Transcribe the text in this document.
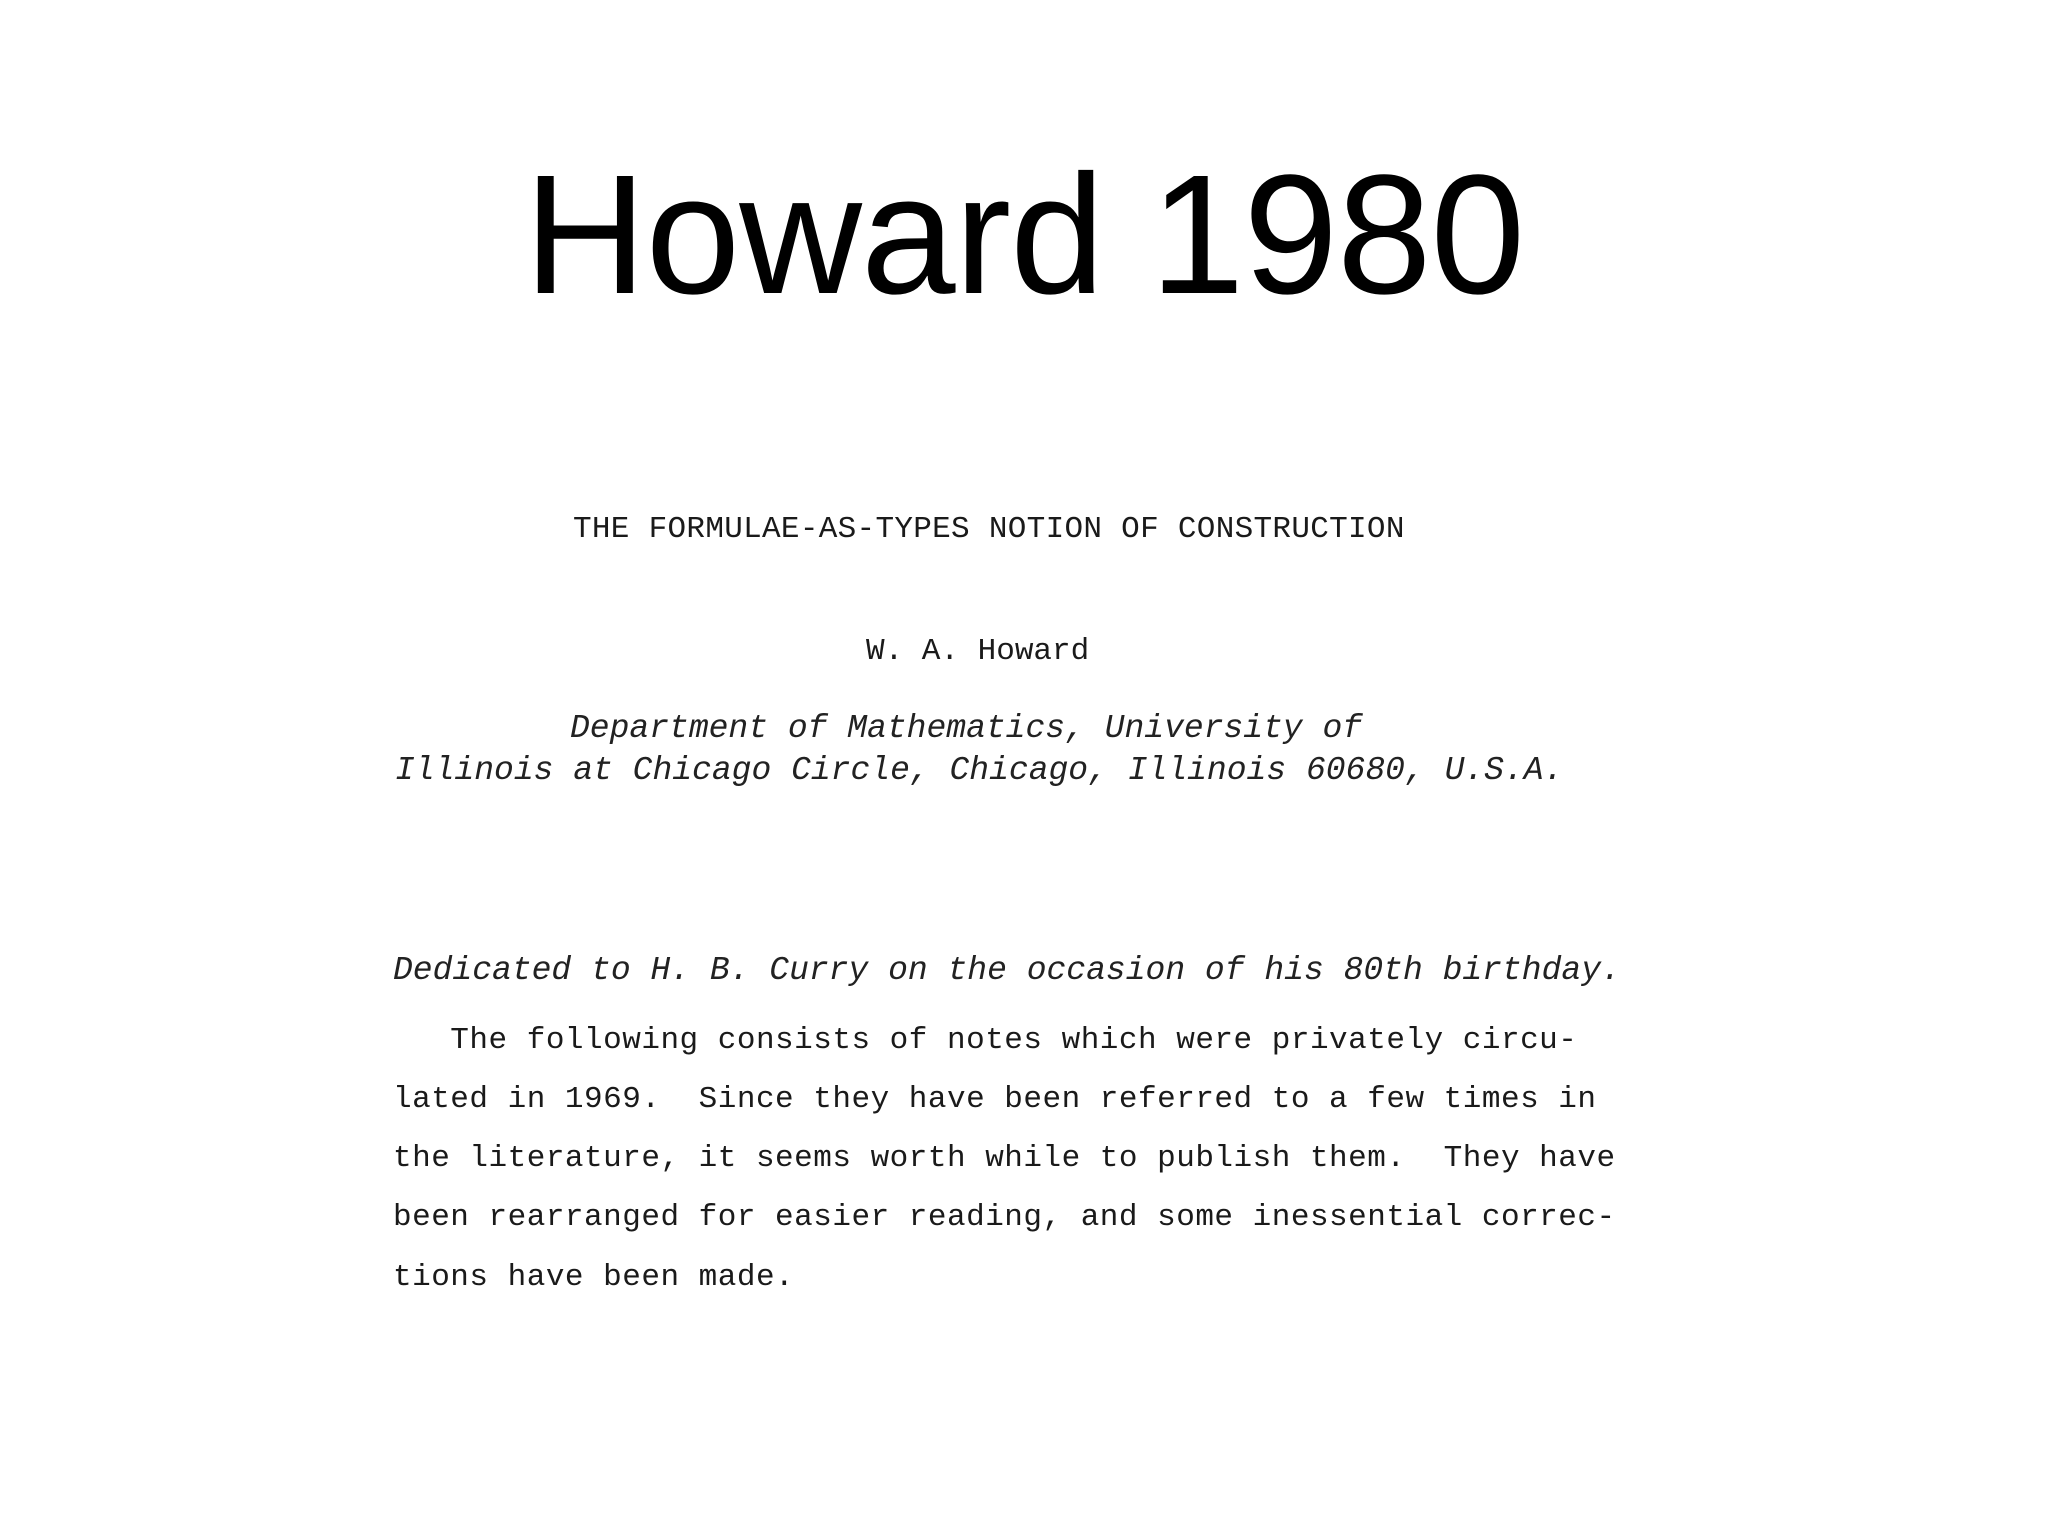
Howard 1980
THE FORMULAE-AS-TYPES NOTION OF CONSTRUCTION
W. A. Howard
Department of Mathematics, University of
Illinois at Chicago Circle, Chicago, Illinois 60680, U.S.A.
Dedicated to H. B. Curry on the occasion of his 80th birthday.
The following consists of notes which were privately circu-
lated in 1969.  Since they have been referred to a few times in
the literature, it seems worth while to publish them.  They have
been rearranged for easier reading, and some inessential correc-
tions have been made.
